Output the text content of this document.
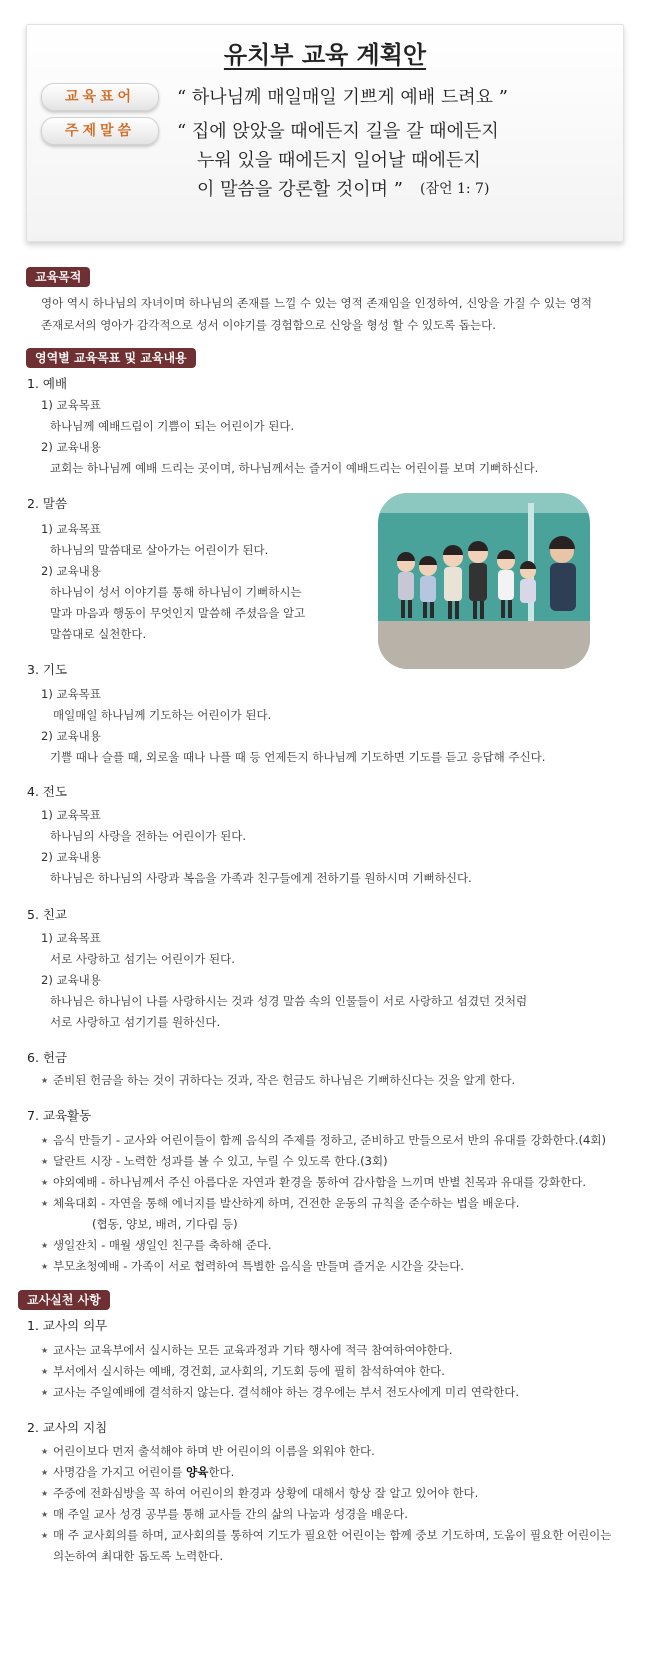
유치부 교육 계획안
교육표어	“ 하나님께 매일매일 기쁘게 예배 드려요 ”
주제말씀	“ 집에 앉았을 때에든지 길을 갈 때에든지
누워 있을 때에든지 일어날 때에든지
이 말씀을 강론할 것이며 ” (잠언 1: 7)
교육목적
영아 역시 하나님의 자녀이며 하나님의 존재를 느낄 수 있는 영적 존재임을 인정하여, 신앙을 가질 수 있는 영적
존재로서의 영아가 감각적으로 성서 이야기를 경험함으로 신앙을 형성 할 수 있도록 돕는다.
영역별 교육목표 및 교육내용
1. 예배
1) 교육목표
하나님께 예배드림이 기쁨이 되는 어린이가 된다.
2) 교육내용
교회는 하나님께 예배 드리는 곳이며, 하나님께서는 즐거이 예배드리는 어린이를 보며 기뻐하신다.
2. 말씀
1) 교육목표
하나님의 말씀대로 살아가는 어린이가 된다.
2) 교육내용
하나님이 성서 이야기를 통해 하나님이 기뻐하시는
말과 마음과 행동이 무엇인지 말씀해 주셨음을 알고
말씀대로 실천한다.
3. 기도
1) 교육목표
매일매일 하나님께 기도하는 어린이가 된다.
2) 교육내용
기쁠 때나 슬플 때, 외로울 때나 나플 때 등 언제든지 하나님께 기도하면 기도를 듣고 응답해 주신다.
4. 전도
1) 교육목표
하나님의 사랑을 전하는 어린이가 된다.
2) 교육내용
하나님은 하나님의 사랑과 복음을 가족과 친구들에게 전하기를 원하시며 기뻐하신다.
5. 친교
1) 교육목표
서로 사랑하고 섬기는 어린이가 된다.
2) 교육내용
하나님은 하나님이 나를 사랑하시는 것과 성경 말씀 속의 인물들이 서로 사랑하고 섬겼던 것처럼
서로 사랑하고 섬기기를 원하신다.
6. 헌금
★ 준비된 헌금을 하는 것이 귀하다는 것과, 작은 헌금도 하나님은 기뻐하신다는 것을 알게 한다.
7. 교육활동
★ 음식 만들기 - 교사와 어린이들이 함께 음식의 주제를 정하고, 준비하고 만들으로서 반의 유대를 강화한다.(4회)
★ 달란트 시장 - 노력한 성과를 볼 수 있고, 누릴 수 있도록 한다.(3회)
★ 야외예배 - 하나님께서 주신 아름다운 자연과 환경을 통하여 감사함을 느끼며 반별 친목과 유대를 강화한다.
★ 체육대회 - 자연을 통해 에너지를 발산하게 하며, 건전한 운동의 규칙을 준수하는 법을 배운다.
(협동, 양보, 배려, 기다림 등)
★ 생일잔치 - 매월 생일인 친구를 축하해 준다.
★ 부모초청예배 - 가족이 서로 협력하여 특별한 음식을 만들며 즐거운 시간을 갖는다.
교사실천 사항
1. 교사의 의무
★ 교사는 교육부에서 실시하는 모든 교육과정과 기타 행사에 적극 참여하여야한다.
★ 부서에서 실시하는 예배, 경건회, 교사회의, 기도회 등에 필히 참석하여야 한다.
★ 교사는 주일예배에 결석하지 않는다. 결석해야 하는 경우에는 부서 전도사에게 미리 연락한다.
2. 교사의 지침
★ 어린이보다 먼저 출석해야 하며 반 어린이의 이름을 외워야 한다.
★ 사명감을 가지고 어린이를 양육한다.
★ 주중에 전화심방을 꼭 하여 어린이의 환경과 상황에 대해서 항상 잘 알고 있어야 한다.
★ 매 주일 교사 성경 공부를 통해 교사들 간의 삶의 나눔과 성경을 배운다.
★ 매 주 교사회의를 하며, 교사회의를 통하여 기도가 필요한 어린이는 함께 중보 기도하며, 도움이 필요한 어린이는
의논하여 최대한 돕도록 노력한다.
